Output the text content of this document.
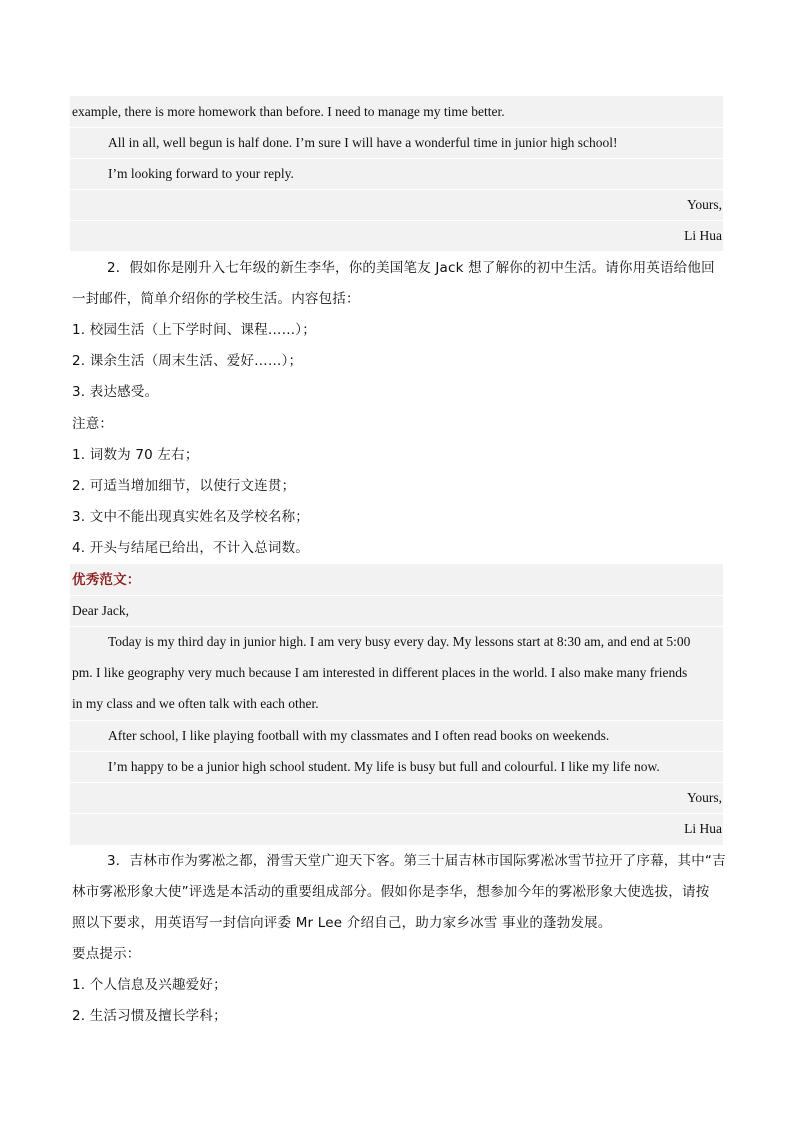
example, there is more homework than before. I need to manage my time better.
All in all, well begun is half done. I’m sure I will have a wonderful time in junior high school!
I’m looking forward to your reply.
Yours,
Li Hua
2．假如你是刚升入七年级的新生李华，你的美国笔友 Jack 想了解你的初中生活。请你用英语给他回
一封邮件，简单介绍你的学校生活。内容包括：
1. 校园生活（上下学时间、课程……）；
2. 课余生活（周末生活、爱好……）；
3. 表达感受。
注意：
1. 词数为 70 左右；
2. 可适当增加细节，以使行文连贯；
3. 文中不能出现真实姓名及学校名称；
4. 开头与结尾已给出，不计入总词数。
优秀范文：
Dear Jack,
Today is my third day in junior high. I am very busy every day. My lessons start at 8:30 am, and end at 5:00
pm. I like geography very much because I am interested in different places in the world. I also make many friends
in my class and we often talk with each other.
After school, I like playing football with my classmates and I often read books on weekends.
I’m happy to be a junior high school student. My life is busy but full and colourful. I like my life now.
Yours,
Li Hua
3．吉林市作为雾凇之都，滑雪天堂广迎天下客。第三十届吉林市国际雾凇冰雪节拉开了序幕，其中“吉
林市雾凇形象大使”评选是本活动的重要组成部分。假如你是李华，想参加今年的雾凇形象大使选拔，请按
照以下要求，用英语写一封信向评委 Mr Lee 介绍自己，助力家乡冰雪 事业的蓬勃发展。
要点提示：
1. 个人信息及兴趣爱好；
2. 生活习惯及擅长学科；
